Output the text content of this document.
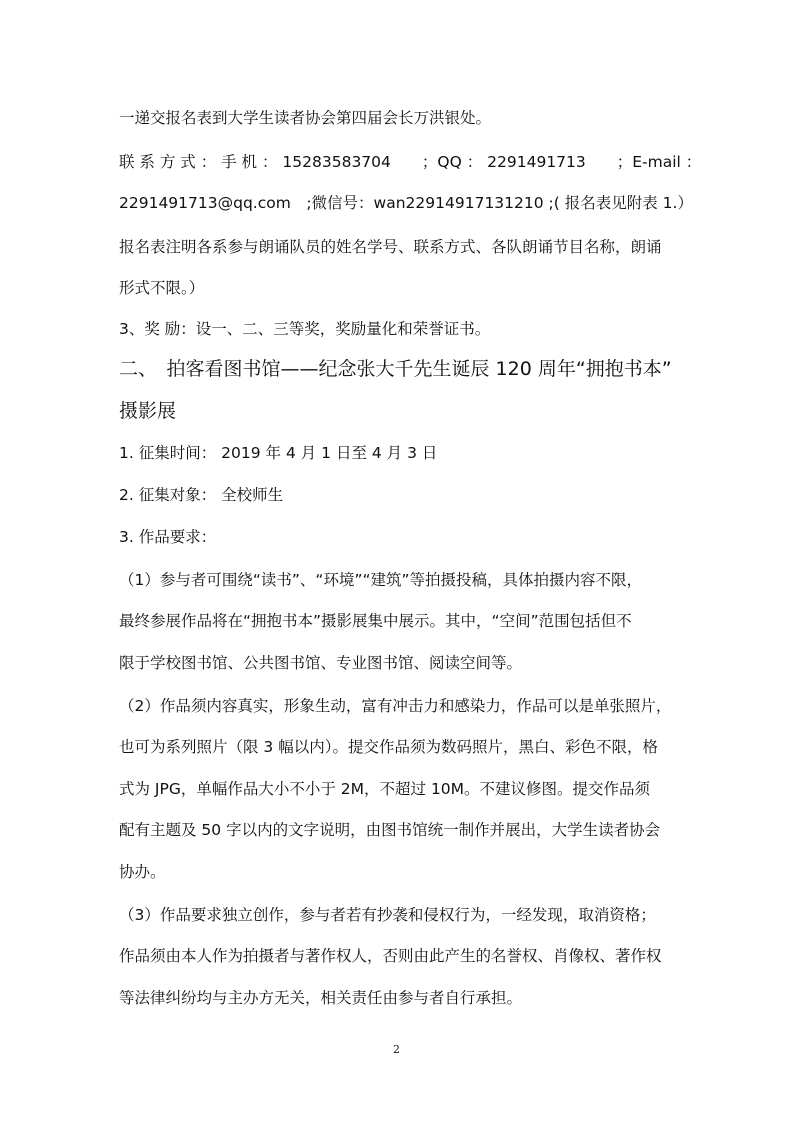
一递交报名表到大学生读者协会第四届会长万洪银处。

联 系 方 式 ： 手 机 ： 15283583704　　；QQ ： 2291491713　　；E-mail ：

2291491713@qq.com　;微信号：wan22914917131210 ;( 报名表见附表 1.）

报名表注明各系参与朗诵队员的姓名学号、联系方式、各队朗诵节目名称，朗诵

形式不限。）

3、奖 励：设一、二、三等奖，奖励量化和荣誉证书。

二、　拍客看图书馆——纪念张大千先生诞辰 120 周年“拥抱书本”

摄影展

1. 征集时间： 2019 年 4 月 1 日至 4 月 3 日

2. 征集对象： 全校师生

3. 作品要求：

（1）参与者可围绕“读书”、“环境”“建筑”等拍摄投稿，具体拍摄内容不限，

最终参展作品将在“拥抱书本”摄影展集中展示。其中，“空间”范围包括但不

限于学校图书馆、公共图书馆、专业图书馆、阅读空间等。

（2）作品须内容真实，形象生动，富有冲击力和感染力，作品可以是单张照片，

也可为系列照片（限 3 幅以内）。提交作品须为数码照片，黑白、彩色不限，格

式为 JPG，单幅作品大小不小于 2M，不超过 10M。不建议修图。提交作品须

配有主题及 50 字以内的文字说明，由图书馆统一制作并展出，大学生读者协会

协办。

（3）作品要求独立创作，参与者若有抄袭和侵权行为，一经发现，取消资格；

作品须由本人作为拍摄者与著作权人，否则由此产生的名誉权、肖像权、著作权

等法律纠纷均与主办方无关，相关责任由参与者自行承担。

2
